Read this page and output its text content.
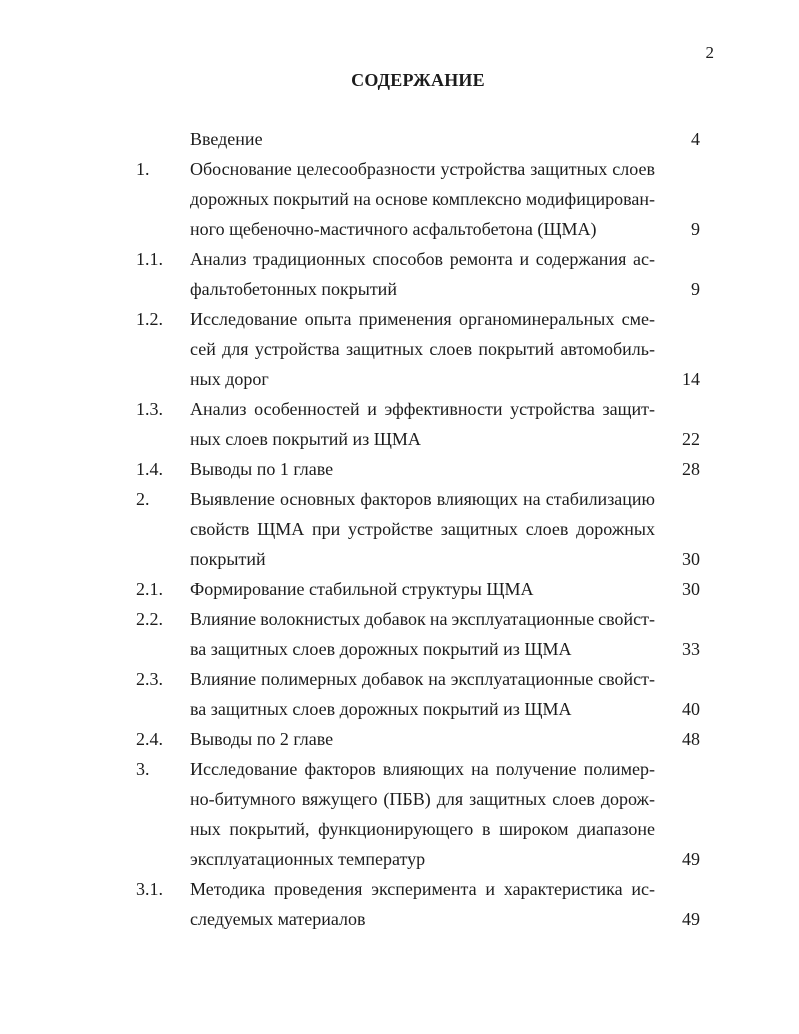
2
СОДЕРЖАНИЕ
Введение	4
1. Обоснование целесообразности устройства защитных слоев
дорожных покрытий на основе комплексно модифицирован-
ного щебеночно-мастичного асфальтобетона (ЩМА)	9
1.1. Анализ традиционных способов ремонта и содержания ас-
фальтобетонных покрытий	9
1.2. Исследование опыта применения органоминеральных сме-
сей для устройства защитных слоев покрытий автомобиль-
ных дорог	14
1.3. Анализ особенностей и эффективности устройства защит-
ных слоев покрытий из ЩМА	22
1.4. Выводы по 1 главе	28
2. Выявление основных факторов влияющих на стабилизацию
свойств ЩМА при устройстве защитных слоев дорожных
покрытий	30
2.1. Формирование стабильной структуры ЩМА	30
2.2. Влияние волокнистых добавок на эксплуатационные свойст-
ва защитных слоев дорожных покрытий из ЩМА	33
2.3. Влияние полимерных добавок на эксплуатационные свойст-
ва защитных слоев дорожных покрытий из ЩМА	40
2.4. Выводы по 2 главе	48
3. Исследование факторов влияющих на получение полимер-
но-битумного вяжущего (ПБВ) для защитных слоев дорож-
ных покрытий, функционирующего в широком диапазоне
эксплуатационных температур	49
3.1. Методика проведения эксперимента и характеристика ис-
следуемых материалов	49
